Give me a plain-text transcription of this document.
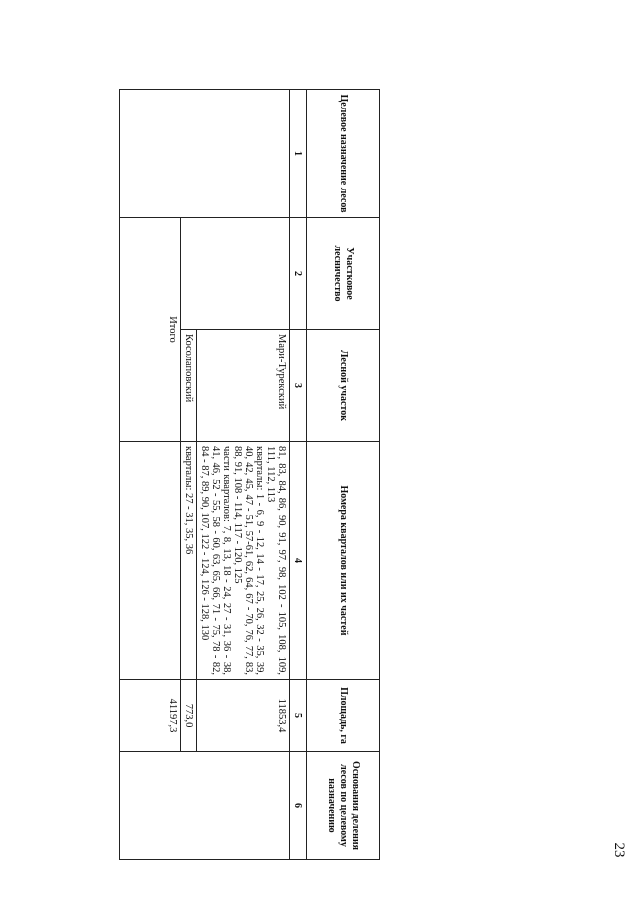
23
Целевое назначение лесов	Участковое лесничество	Лесной участок	Номера кварталов или их частей	Площадь, га	Основания деления лесов по целевому назначению
1	2	3	4	5	6
		Мари-Турекский	81, 83, 84, 86, 90, 91, 97, 98, 102 - 105, 108, 109, 111, 112, 113
кварталы: 1 - 6, 9 - 12, 14 - 17, 25, 26, 32 - 35, 39, 40, 42, 45, 47 - 51, 57-61, 62, 64, 67 - 70, 76, 77, 83, 88, 91, 108 - 114, 117 - 120, 125
части кварталов: 7, 8, 13, 18 - 24, 27 - 31, 36 - 38, 41, 46, 52 - 55, 58 - 60, 63, 65, 66, 71 - 75, 78 - 82, 84 - 87, 89, 90, 107, 122 - 124, 126 - 128, 130	11853,4	
		Косолаповский	кварталы: 27 - 31, 35, 36	773,0	
	Итого			41197,3	
